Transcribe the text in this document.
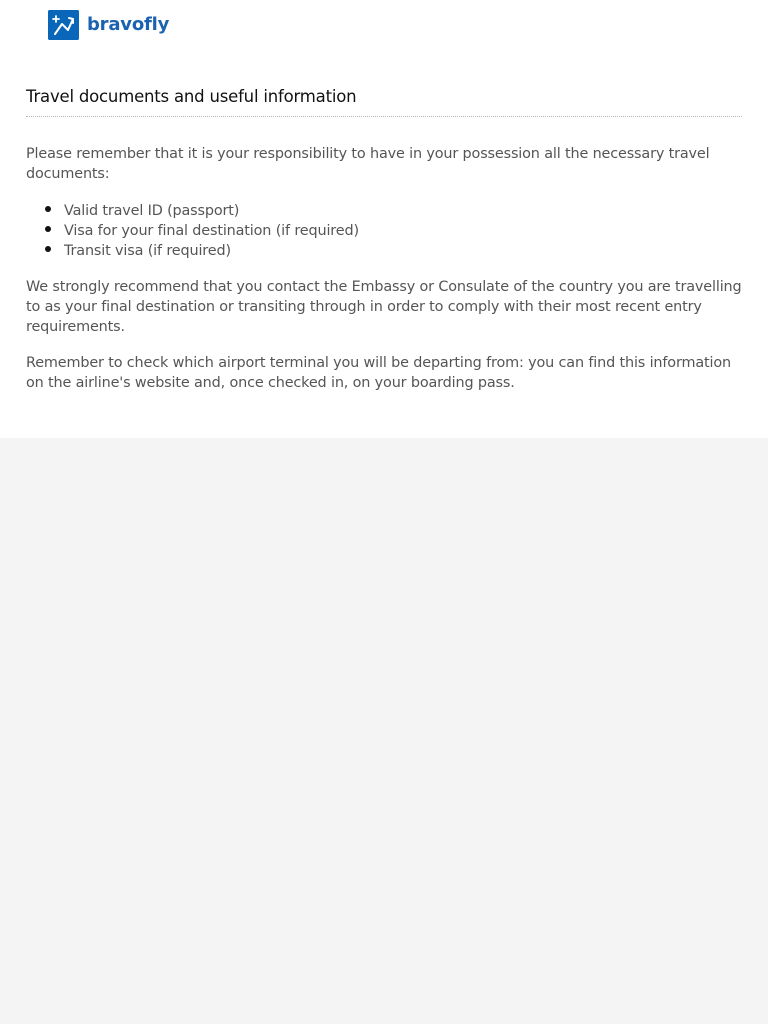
bravofly
Travel documents and useful information

Please remember that it is your responsibility to have in your possession all the necessary travel documents:

Valid travel ID (passport)
Visa for your final destination (if required)
Transit visa (if required)

We strongly recommend that you contact the Embassy or Consulate of the country you are travelling to as your final destination or transiting through in order to comply with their most recent entry requirements.

Remember to check which airport terminal you will be departing from: you can find this information on the airline's website and, once checked in, on your boarding pass.
